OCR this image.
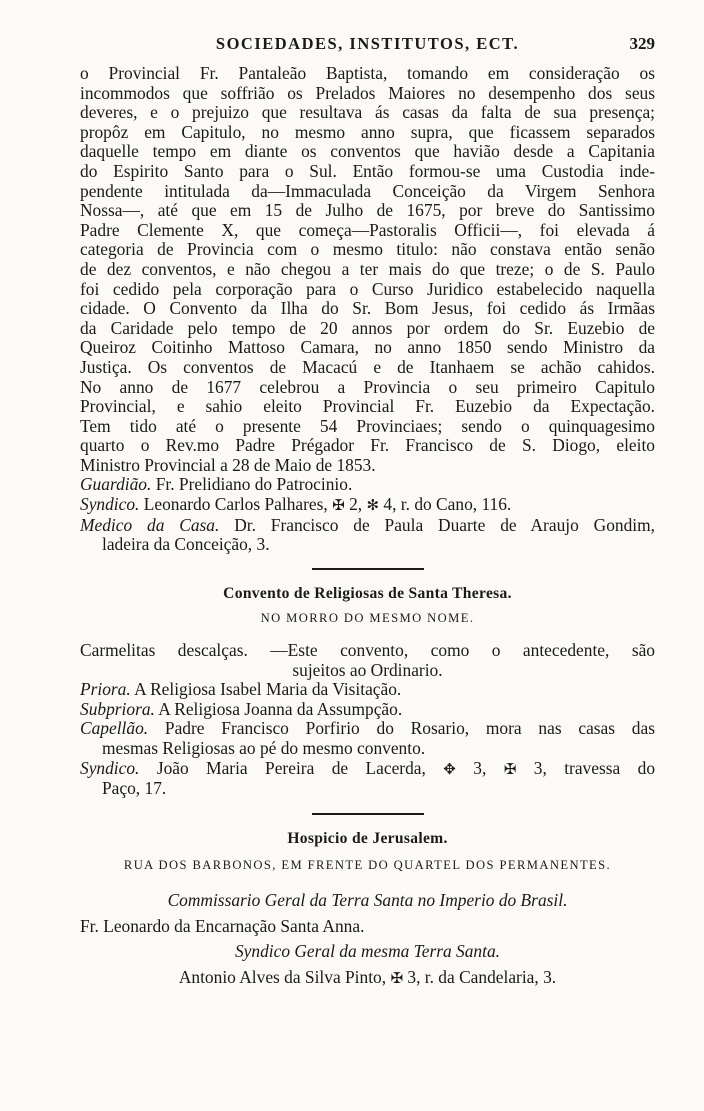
SOCIEDADES, INSTITUTOS, ECT.	329

o Provincial Fr. Pantaleão Baptista, tomando em consideração os

incommodos que soffrião os Prelados Maiores no desempenho dos seus

deveres, e o prejuizo que resultava ás casas da falta de sua presença;

propôz em Capitulo, no mesmo anno supra, que ficassem separados

daquelle tempo em diante os conventos que havião desde a Capitania

do Espirito Santo para o Sul. Então formou-se uma Custodia inde-

pendente intitulada da—Immaculada Conceição da Virgem Senhora

Nossa—, até que em 15 de Julho de 1675, por breve do Santissimo

Padre Clemente X, que começa—Pastoralis Officii—, foi elevada á

categoria de Provincia com o mesmo titulo: não constava então senão

de dez conventos, e não chegou a ter mais do que treze; o de S. Paulo

foi cedido pela corporação para o Curso Juridico estabelecido naquella

cidade. O Convento da Ilha do Sr. Bom Jesus, foi cedido ás Irmãas

da Caridade pelo tempo de 20 annos por ordem do Sr. Euzebio de

Queiroz Coitinho Mattoso Camara, no anno 1850 sendo Ministro da

Justiça. Os conventos de Macacú e de Itanhaem se achão cahidos.

No anno de 1677 celebrou a Provincia o seu primeiro Capitulo

Provincial, e sahio eleito Provincial Fr. Euzebio da Expectação.

Tem tido até o presente 54 Provinciaes; sendo o quinquagesimo

quarto o Rev.mo Padre Prégador Fr. Francisco de S. Diogo, eleito

Ministro Provincial a 28 de Maio de 1853.

Guardião. Fr. Prelidiano do Patrocinio.

Syndico. Leonardo Carlos Palhares, ✠ 2, ✻ 4, r. do Cano, 116.

Medico da Casa. Dr. Francisco de Paula Duarte de Araujo Gondim,

ladeira da Conceição, 3.

Convento de Religiosas de Santa Theresa.

NO MORRO DO MESMO NOME.

Carmelitas descalças. —Este convento, como o antecedente, são

sujeitos ao Ordinario.

Priora. A Religiosa Isabel Maria da Visitação.

Subpriora. A Religiosa Joanna da Assumpção.

Capellão. Padre Francisco Porfirio do Rosario, mora nas casas das

mesmas Religiosas ao pé do mesmo convento.

Syndico. João Maria Pereira de Lacerda, ✥ 3, ✠ 3, travessa do

Paço, 17.

Hospicio de Jerusalem.

RUA DOS BARBONOS, EM FRENTE DO QUARTEL DOS PERMANENTES.

Commissario Geral da Terra Santa no Imperio do Brasil.

Fr. Leonardo da Encarnação Santa Anna.

Syndico Geral da mesma Terra Santa.

Antonio Alves da Silva Pinto, ✠ 3, r. da Candelaria, 3.
